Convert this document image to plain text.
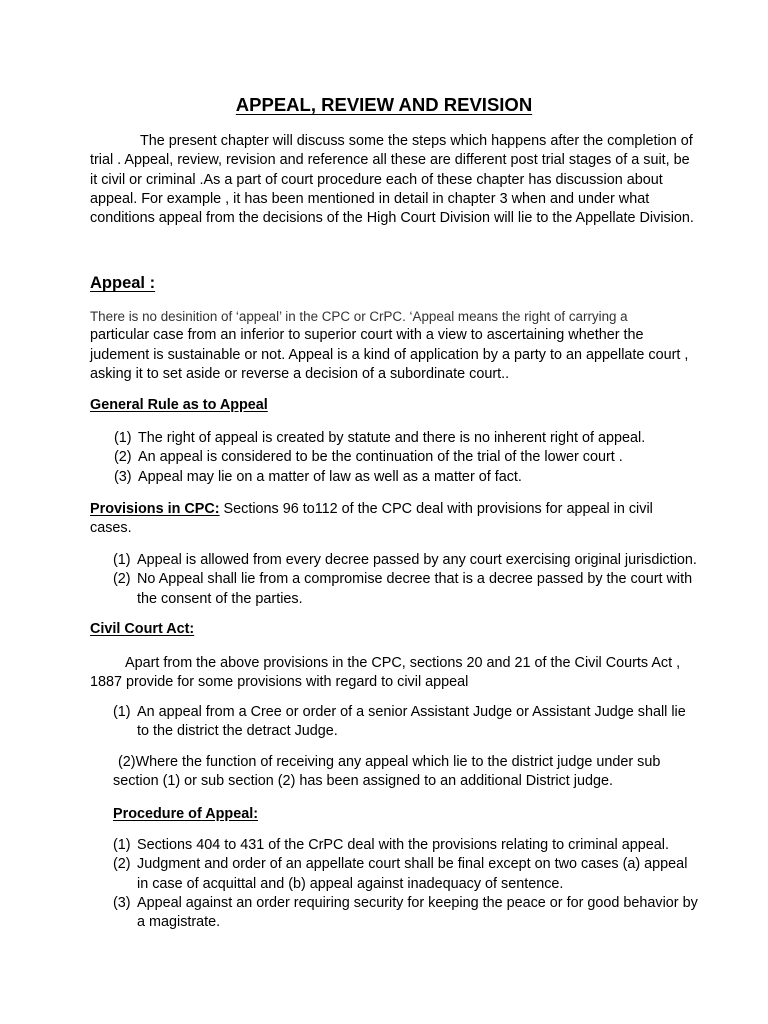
APPEAL, REVIEW AND REVISION
The present chapter will discuss some the steps which happens after the completion of
trial . Appeal, review, revision and reference all these are different post trial stages of a suit, be
it civil or criminal .As a part of court procedure each of these chapter has discussion about
appeal. For example , it has been mentioned in detail in chapter 3 when and under what
conditions appeal from the decisions of the High Court Division will lie to the Appellate Division.
Appeal :
There is no desinition of ‘appeal’ in the CPC or CrPC. ‘Appeal means the right of carrying a
particular case from an inferior to superior court with a view to ascertaining whether the
judement is sustainable or not. Appeal is a kind of application by a party to an appellate court ,
asking it to set aside or reverse a decision of a subordinate court..
General Rule as to Appeal
(1) The right of appeal is created by statute and there is no inherent right of appeal.
(2) An appeal is considered to be the continuation of the trial of the lower court .
(3) Appeal may lie on a matter of law as well as a matter of fact.
Provisions in CPC: Sections 96 to112 of the CPC deal with provisions for appeal in civil
cases.
(1) Appeal is allowed from every decree passed by any court exercising original jurisdiction.
(2) No Appeal shall lie from a compromise decree that is a decree passed by the court with
the consent of the parties.
Civil Court Act:
Apart from the above provisions in the CPC, sections 20 and 21 of the Civil Courts Act ,
1887 provide for some provisions with regard to civil appeal
(1) An appeal from a Cree or order of a senior Assistant Judge or Assistant Judge shall lie
to the district the detract Judge.
(2)Where the function of receiving any appeal which lie to the district judge under sub
section (1) or sub section (2) has been assigned to an additional District judge.
Procedure of Appeal:
(1) Sections 404 to 431 of the CrPC deal with the provisions relating to criminal appeal.
(2) Judgment and order of an appellate court shall be final except on two cases (a) appeal
in case of acquittal and (b) appeal against inadequacy of sentence.
(3) Appeal against an order requiring security for keeping the peace or for good behavior by
a magistrate.
